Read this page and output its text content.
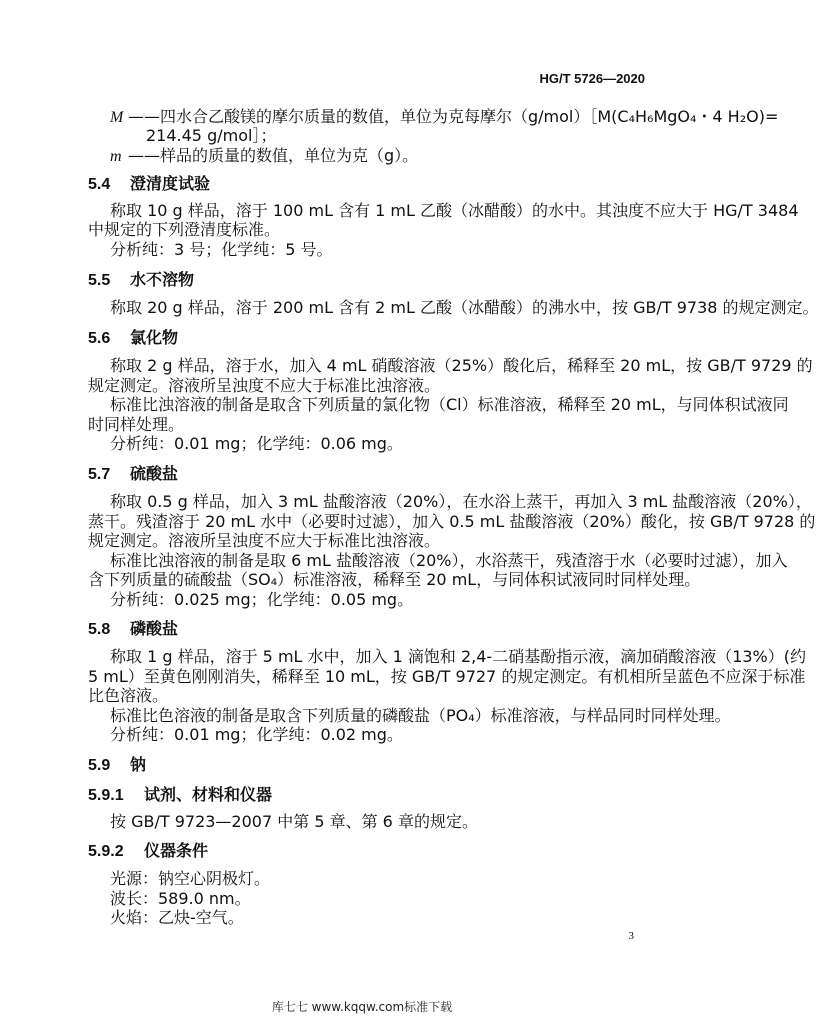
HG/T 5726—2020
M ——四水合乙酸镁的摩尔质量的数值，单位为克每摩尔（g/mol）［M(C₄H₆MgO₄・4 H₂O)=
214.45 g/mol］；
m ——样品的质量的数值，单位为克（g）。
5.4 澄清度试验
称取 10 g 样品，溶于 100 mL 含有 1 mL 乙酸（冰醋酸）的水中。其浊度不应大于 HG/T 3484
中规定的下列澄清度标准。
分析纯：3 号；化学纯：5 号。
5.5 水不溶物
称取 20 g 样品，溶于 200 mL 含有 2 mL 乙酸（冰醋酸）的沸水中，按 GB/T 9738 的规定测定。
5.6 氯化物
称取 2 g 样品，溶于水，加入 4 mL 硝酸溶液（25%）酸化后，稀释至 20 mL，按 GB/T 9729 的
规定测定。溶液所呈浊度不应大于标准比浊溶液。
标准比浊溶液的制备是取含下列质量的氯化物（Cl）标准溶液，稀释至 20 mL，与同体积试液同
时同样处理。
分析纯：0.01 mg；化学纯：0.06 mg。
5.7 硫酸盐
称取 0.5 g 样品，加入 3 mL 盐酸溶液（20%），在水浴上蒸干，再加入 3 mL 盐酸溶液（20%），
蒸干。残渣溶于 20 mL 水中（必要时过滤），加入 0.5 mL 盐酸溶液（20%）酸化，按 GB/T 9728 的
规定测定。溶液所呈浊度不应大于标准比浊溶液。
标准比浊溶液的制备是取 6 mL 盐酸溶液（20%），水浴蒸干，残渣溶于水（必要时过滤），加入
含下列质量的硫酸盐（SO₄）标准溶液，稀释至 20 mL，与同体积试液同时同样处理。
分析纯：0.025 mg；化学纯：0.05 mg。
5.8 磷酸盐
称取 1 g 样品，溶于 5 mL 水中，加入 1 滴饱和 2,4-二硝基酚指示液，滴加硝酸溶液（13%）(约
5 mL）至黄色刚刚消失，稀释至 10 mL，按 GB/T 9727 的规定测定。有机相所呈蓝色不应深于标准
比色溶液。
标准比色溶液的制备是取含下列质量的磷酸盐（PO₄）标准溶液，与样品同时同样处理。
分析纯：0.01 mg；化学纯：0.02 mg。
5.9 钠
5.9.1 试剂、材料和仪器
按 GB/T 9723—2007 中第 5 章、第 6 章的规定。
5.9.2 仪器条件
光源：钠空心阴极灯。
波长：589.0 nm。
火焰：乙炔-空气。
3
库七七 www.kqqw.com标准下载
